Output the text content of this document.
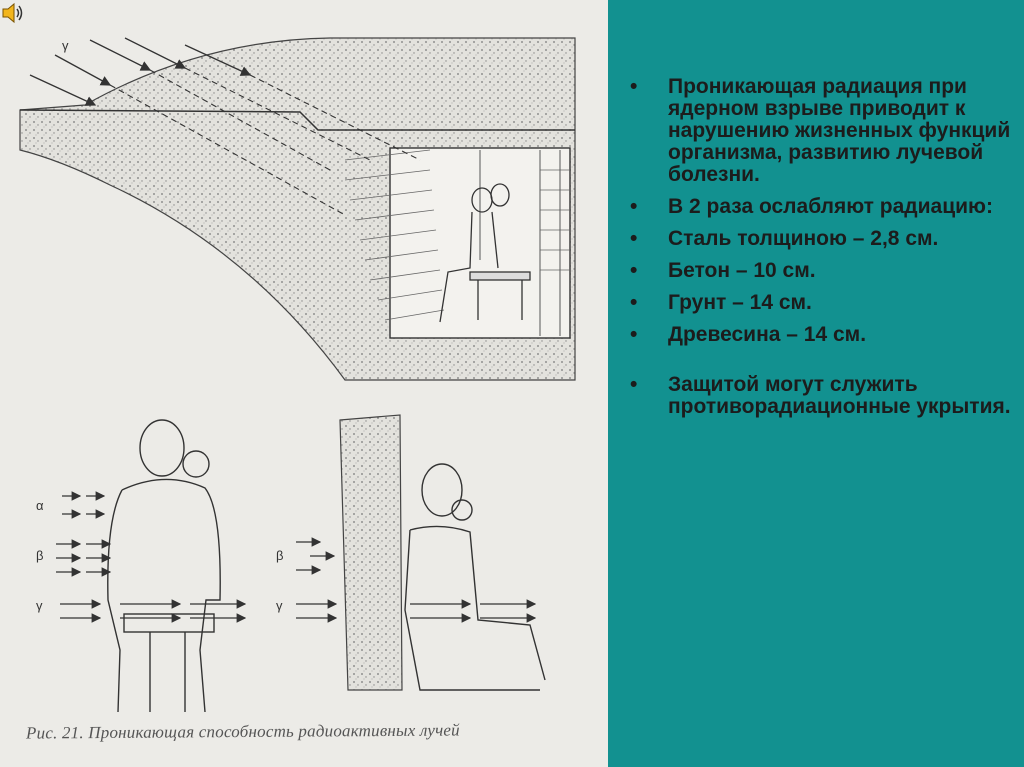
γ
α
β
γ
β
γ
Рис. 21. Проникающая способность радиоактивных лучей
• Проникающая радиация при ядерном взрыве приводит к нарушению жизненных функций организма, развитию лучевой болезни.
• В 2 раза ослабляют радиацию:
• Сталь толщиною – 2,8 см.
• Бетон – 10 см.
• Грунт – 14 см.
• Древесина – 14 см.
• Защитой могут служить противорадиационные укрытия.
